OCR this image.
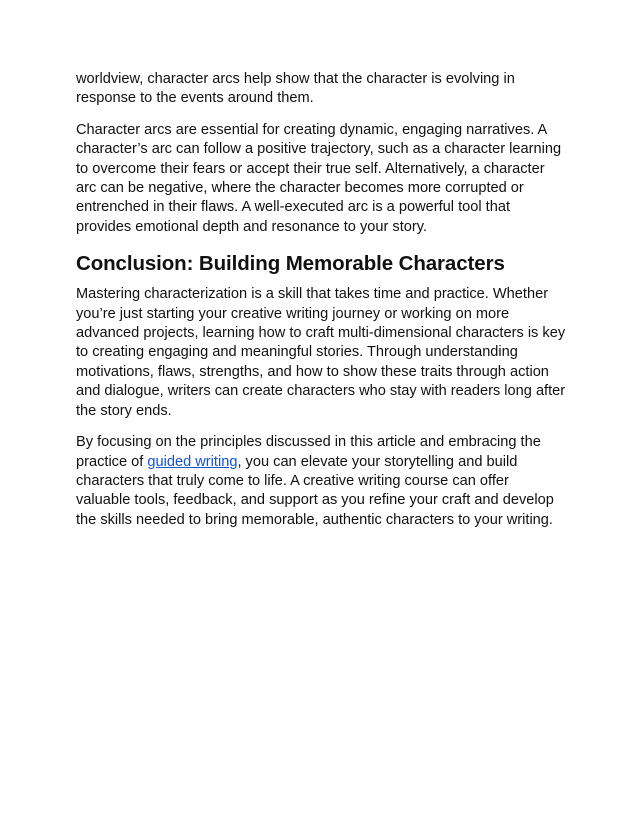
worldview, character arcs help show that the character is evolving in response to the events around them.

Character arcs are essential for creating dynamic, engaging narratives. A character’s arc can follow a positive trajectory, such as a character learning to overcome their fears or accept their true self. Alternatively, a character arc can be negative, where the character becomes more corrupted or entrenched in their flaws. A well-executed arc is a powerful tool that provides emotional depth and resonance to your story.

Conclusion: Building Memorable Characters

Mastering characterization is a skill that takes time and practice. Whether you’re just starting your creative writing journey or working on more advanced projects, learning how to craft multi-dimensional characters is key to creating engaging and meaningful stories. Through understanding motivations, flaws, strengths, and how to show these traits through action and dialogue, writers can create characters who stay with readers long after the story ends.

By focusing on the principles discussed in this article and embracing the practice of guided writing, you can elevate your storytelling and build characters that truly come to life. A creative writing course can offer valuable tools, feedback, and support as you refine your craft and develop the skills needed to bring memorable, authentic characters to your writing.
